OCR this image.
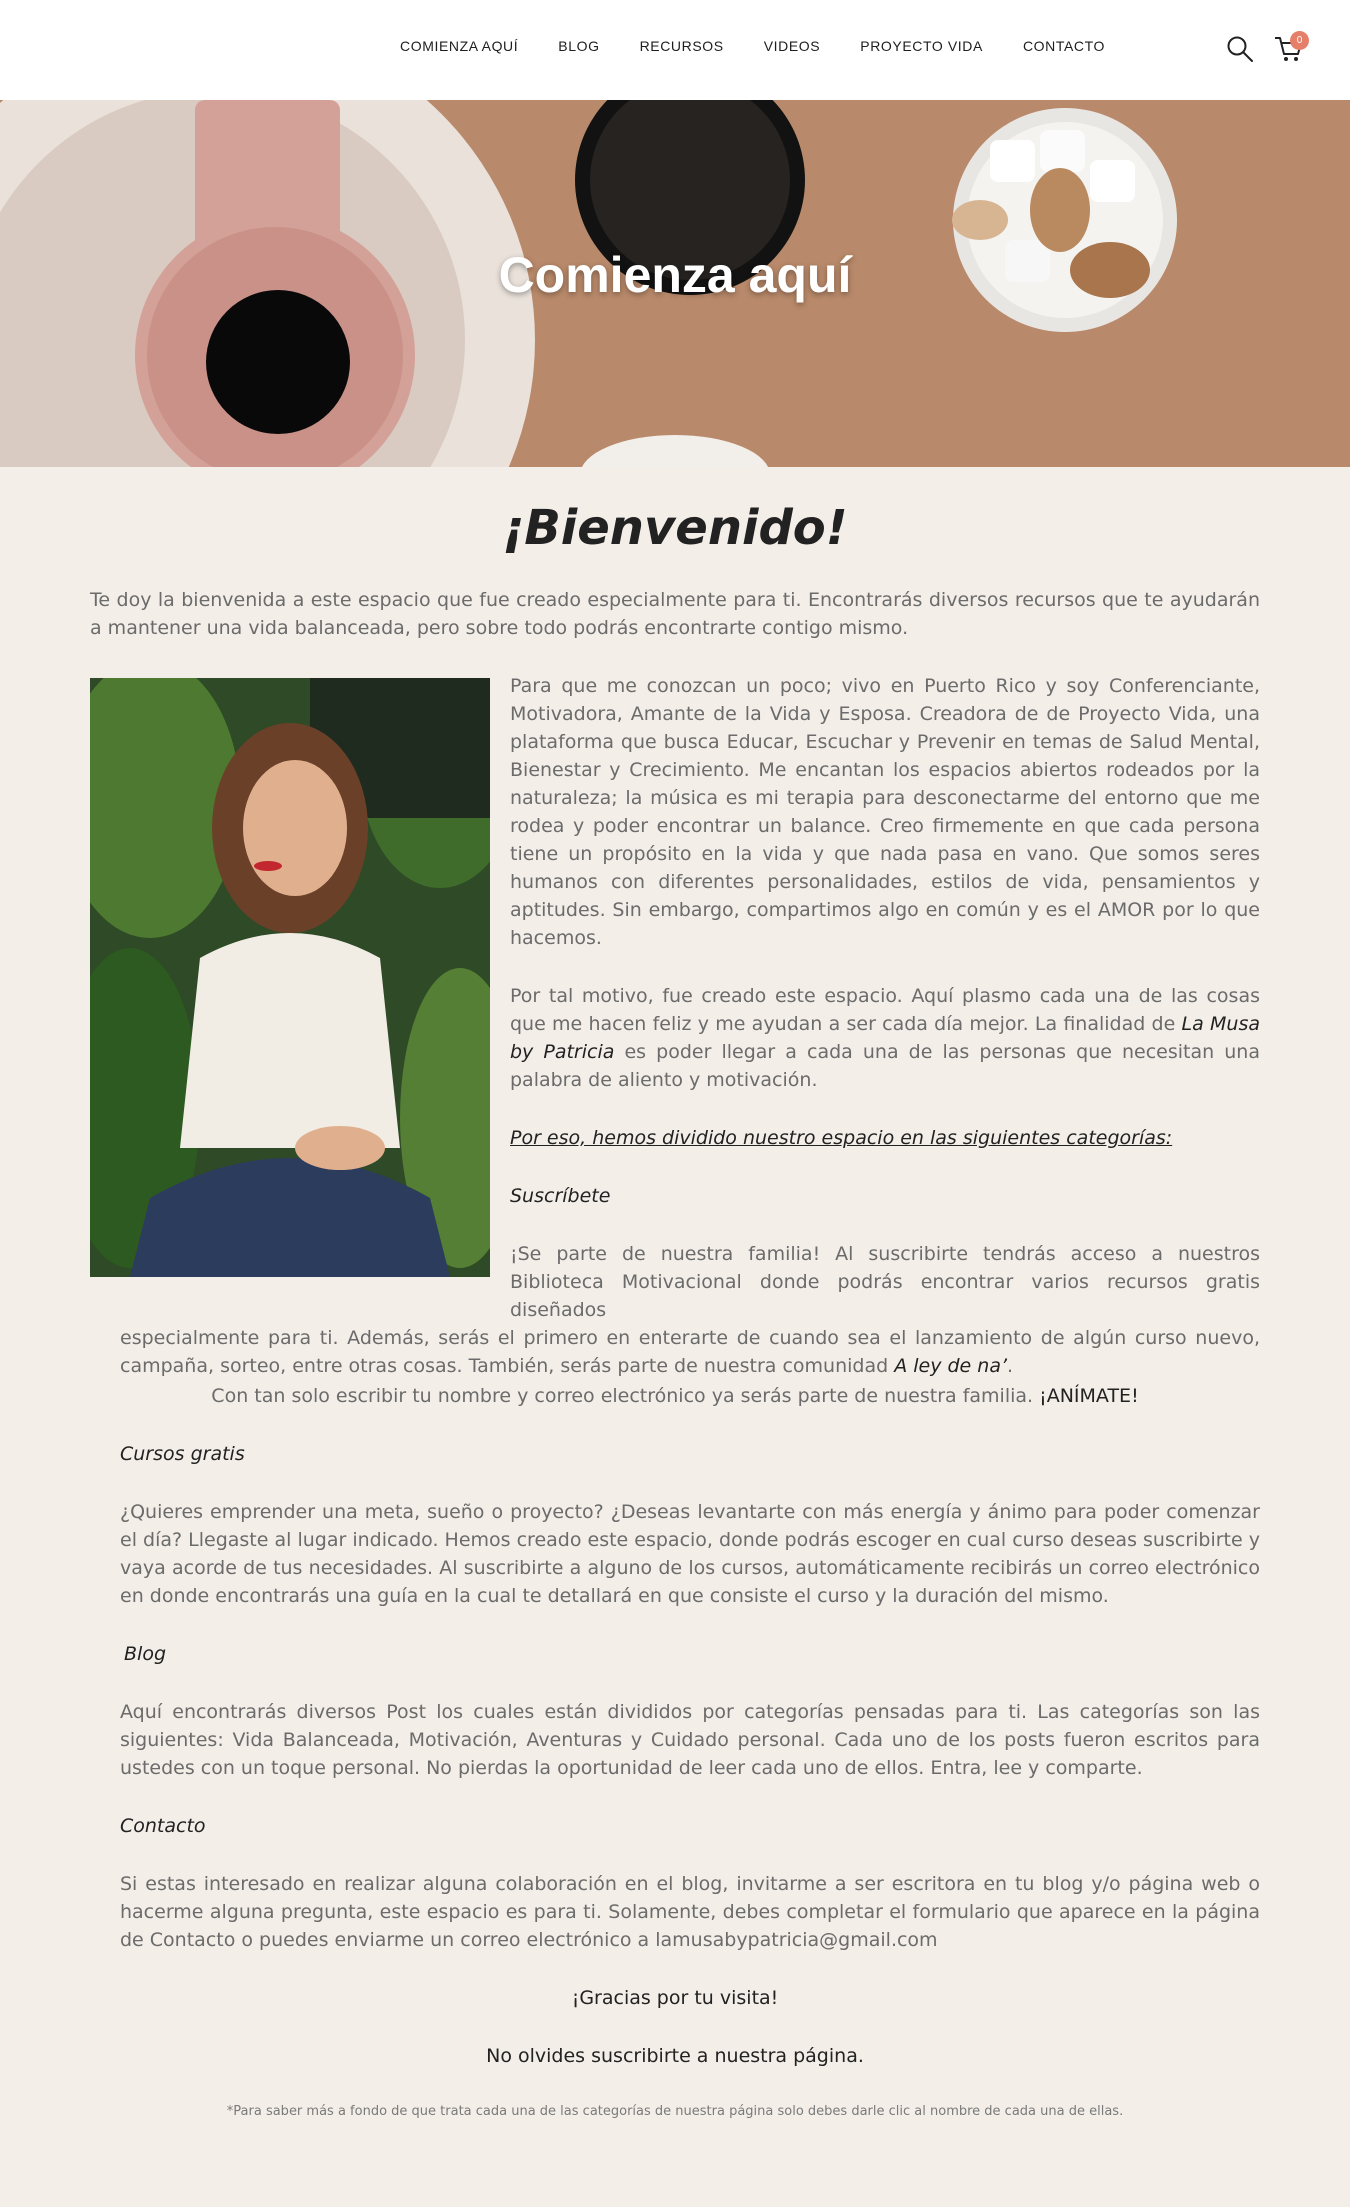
COMIENZA AQUÍ	BLOG	RECURSOS	VIDEOS	PROYECTO VIDA	CONTACTO	0
Comienza aquí
¡Bienvenido!

Te doy la bienvenida a este espacio que fue creado especialmente para ti. Encontrarás diversos recursos que te ayudarán a mantener una vida balanceada, pero sobre todo podrás encontrarte contigo mismo.

Para que me conozcan un poco; vivo en Puerto Rico y soy Conferenciante, Motivadora, Amante de la Vida y Esposa. Creadora de de Proyecto Vida, una plataforma que busca Educar, Escuchar y Prevenir en temas de Salud Mental, Bienestar y Crecimiento. Me encantan los espacios abiertos rodeados por la naturaleza; la música es mi terapia para desconectarme del entorno que me rodea y poder encontrar un balance. Creo firmemente en que cada persona tiene un propósito en la vida y que nada pasa en vano. Que somos seres humanos con diferentes personalidades, estilos de vida, pensamientos y aptitudes. Sin embargo, compartimos algo en común y es el AMOR por lo que hacemos.

Por tal motivo, fue creado este espacio. Aquí plasmo cada una de las cosas que me hacen feliz y me ayudan a ser cada día mejor. La finalidad de La Musa by Patricia es poder llegar a cada una de las personas que necesitan una palabra de aliento y motivación.

Por eso, hemos dividido nuestro espacio en las siguientes categorías:
Suscríbete
¡Se parte de nuestra familia! Al suscribirte tendrás acceso a nuestros Biblioteca Motivacional donde podrás encontrar varios recursos gratis diseñados
especialmente para ti. Además, serás el primero en enterarte de cuando sea el lanzamiento de algún curso nuevo, campaña, sorteo, entre otras cosas. También, serás parte de nuestra comunidad A ley de na’.
Con tan solo escribir tu nombre y correo electrónico ya serás parte de nuestra familia. ¡ANÍMATE!
Cursos gratis

¿Quieres emprender una meta, sueño o proyecto? ¿Deseas levantarte con más energía y ánimo para poder comenzar el día? Llegaste al lugar indicado. Hemos creado este espacio, donde podrás escoger en cual curso deseas suscribirte y vaya acorde de tus necesidades. Al suscribirte a alguno de los cursos, automáticamente recibirás un correo electrónico en donde encontrarás una guía en la cual te detallará en que consiste el curso y la duración del mismo.

Blog

Aquí encontrarás diversos Post los cuales están divididos por categorías pensadas para ti. Las categorías son las siguientes: Vida Balanceada, Motivación, Aventuras y Cuidado personal. Cada uno de los posts fueron escritos para ustedes con un toque personal. No pierdas la oportunidad de leer cada uno de ellos. Entra, lee y comparte.

Contacto

Si estas interesado en realizar alguna colaboración en el blog, invitarme a ser escritora en tu blog y/o página web o hacerme alguna pregunta, este espacio es para ti. Solamente, debes completar el formulario que aparece en la página de Contacto o puedes enviarme un correo electrónico a lamusabypatricia@gmail.com

¡Gracias por tu visita!
No olvides suscribirte a nuestra página.
*Para saber más a fondo de que trata cada una de las categorías de nuestra página solo debes darle clic al nombre de cada una de ellas.
